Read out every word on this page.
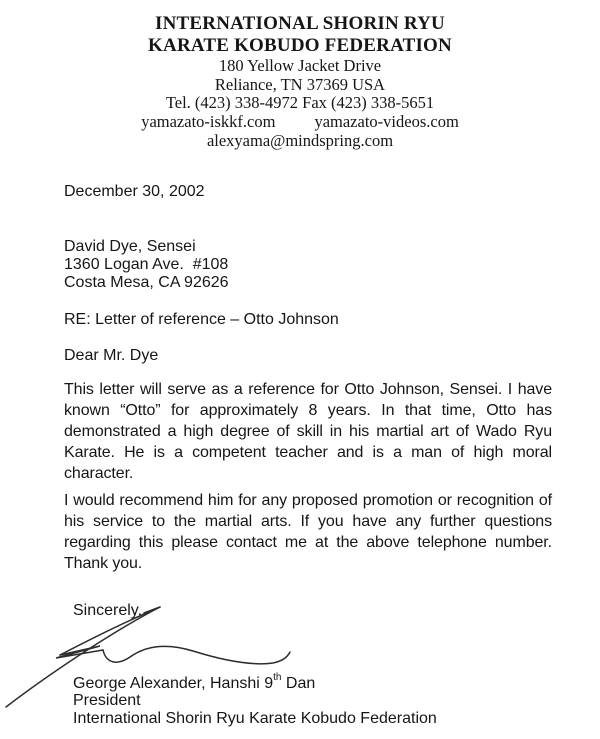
INTERNATIONAL SHORIN RYU
KARATE KOBUDO FEDERATION
180 Yellow Jacket Drive
Reliance, TN 37369 USA
Tel. (423) 338-4972 Fax (423) 338-5651
yamazato-iskkf.com yamazato-videos.com
alexyama@mindspring.com
December 30, 2002
David Dye, Sensei
1360 Logan Ave.  #108
Costa Mesa, CA 92626
RE: Letter of reference – Otto Johnson
Dear Mr. Dye
This letter will serve as a reference for Otto Johnson, Sensei. I have
known “Otto” for approximately 8 years. In that time, Otto has
demonstrated a high degree of skill in his martial art of Wado Ryu
Karate. He is a competent teacher and is a man of high moral
character.
I would recommend him for any proposed promotion or recognition of
his service to the martial arts. If you have any further questions
regarding this please contact me at the above telephone number.
Thank you.
Sincerely,
George Alexander, Hanshi 9th Dan
President
International Shorin Ryu Karate Kobudo Federation
